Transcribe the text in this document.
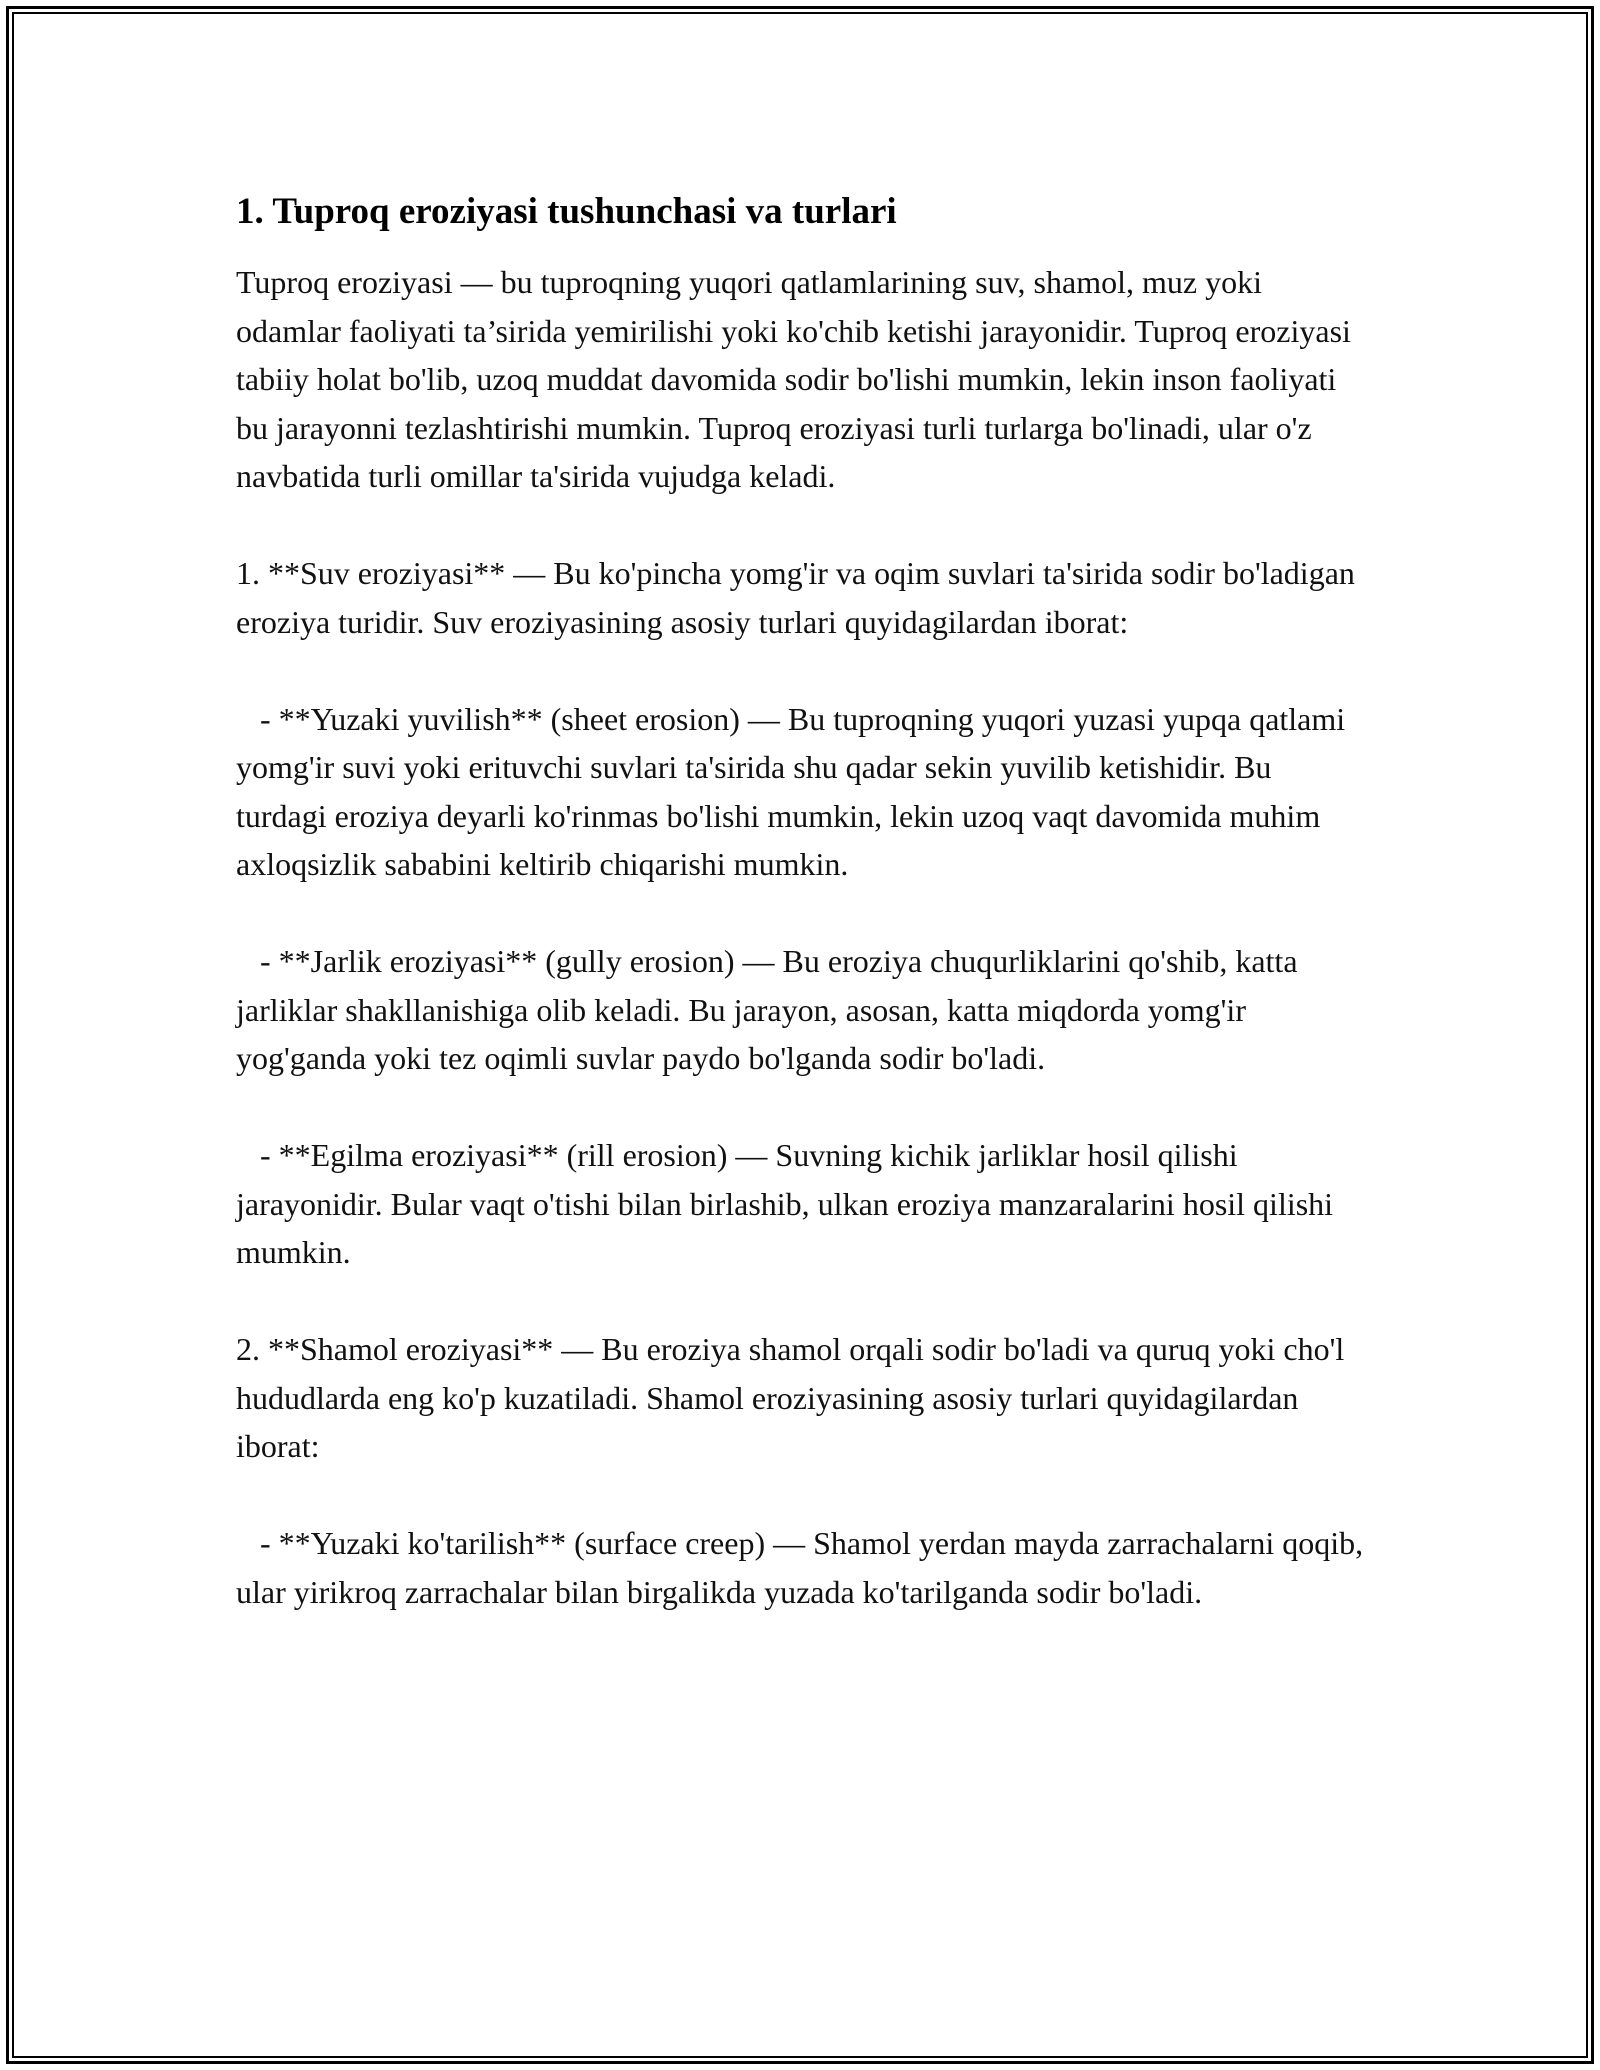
1. Tuproq eroziyasi tushunchasi va turlari

Tuproq eroziyasi — bu tuproqning yuqori qatlamlarining suv, shamol, muz yoki odamlar faoliyati ta’sirida yemirilishi yoki ko'chib ketishi jarayonidir. Tuproq eroziyasi tabiiy holat bo'lib, uzoq muddat davomida sodir bo'lishi mumkin, lekin inson faoliyati bu jarayonni tezlashtirishi mumkin. Tuproq eroziyasi turli turlarga bo'linadi, ular o'z navbatida turli omillar ta'sirida vujudga keladi.

1. **Suv eroziyasi** — Bu ko'pincha yomg'ir va oqim suvlari ta'sirida sodir bo'ladigan eroziya turidir. Suv eroziyasining asosiy turlari quyidagilardan iborat:

- **Yuzaki yuvilish** (sheet erosion) — Bu tuproqning yuqori yuzasi yupqa qatlami yomg'ir suvi yoki erituvchi suvlari ta'sirida shu qadar sekin yuvilib ketishidir. Bu turdagi eroziya deyarli ko'rinmas bo'lishi mumkin, lekin uzoq vaqt davomida muhim axloqsizlik sababini keltirib chiqarishi mumkin.

- **Jarlik eroziyasi** (gully erosion) — Bu eroziya chuqurliklarini qo'shib, katta jarliklar shakllanishiga olib keladi. Bu jarayon, asosan, katta miqdorda yomg'ir yog'ganda yoki tez oqimli suvlar paydo bo'lganda sodir bo'ladi.

- **Egilma eroziyasi** (rill erosion) — Suvning kichik jarliklar hosil qilishi jarayonidir. Bular vaqt o'tishi bilan birlashib, ulkan eroziya manzaralarini hosil qilishi mumkin.

2. **Shamol eroziyasi** — Bu eroziya shamol orqali sodir bo'ladi va quruq yoki cho'l hududlarda eng ko'p kuzatiladi. Shamol eroziyasining asosiy turlari quyidagilardan iborat:

- **Yuzaki ko'tarilish** (surface creep) — Shamol yerdan mayda zarrachalarni qoqib, ular yirikroq zarrachalar bilan birgalikda yuzada ko'tarilganda sodir bo'ladi.
